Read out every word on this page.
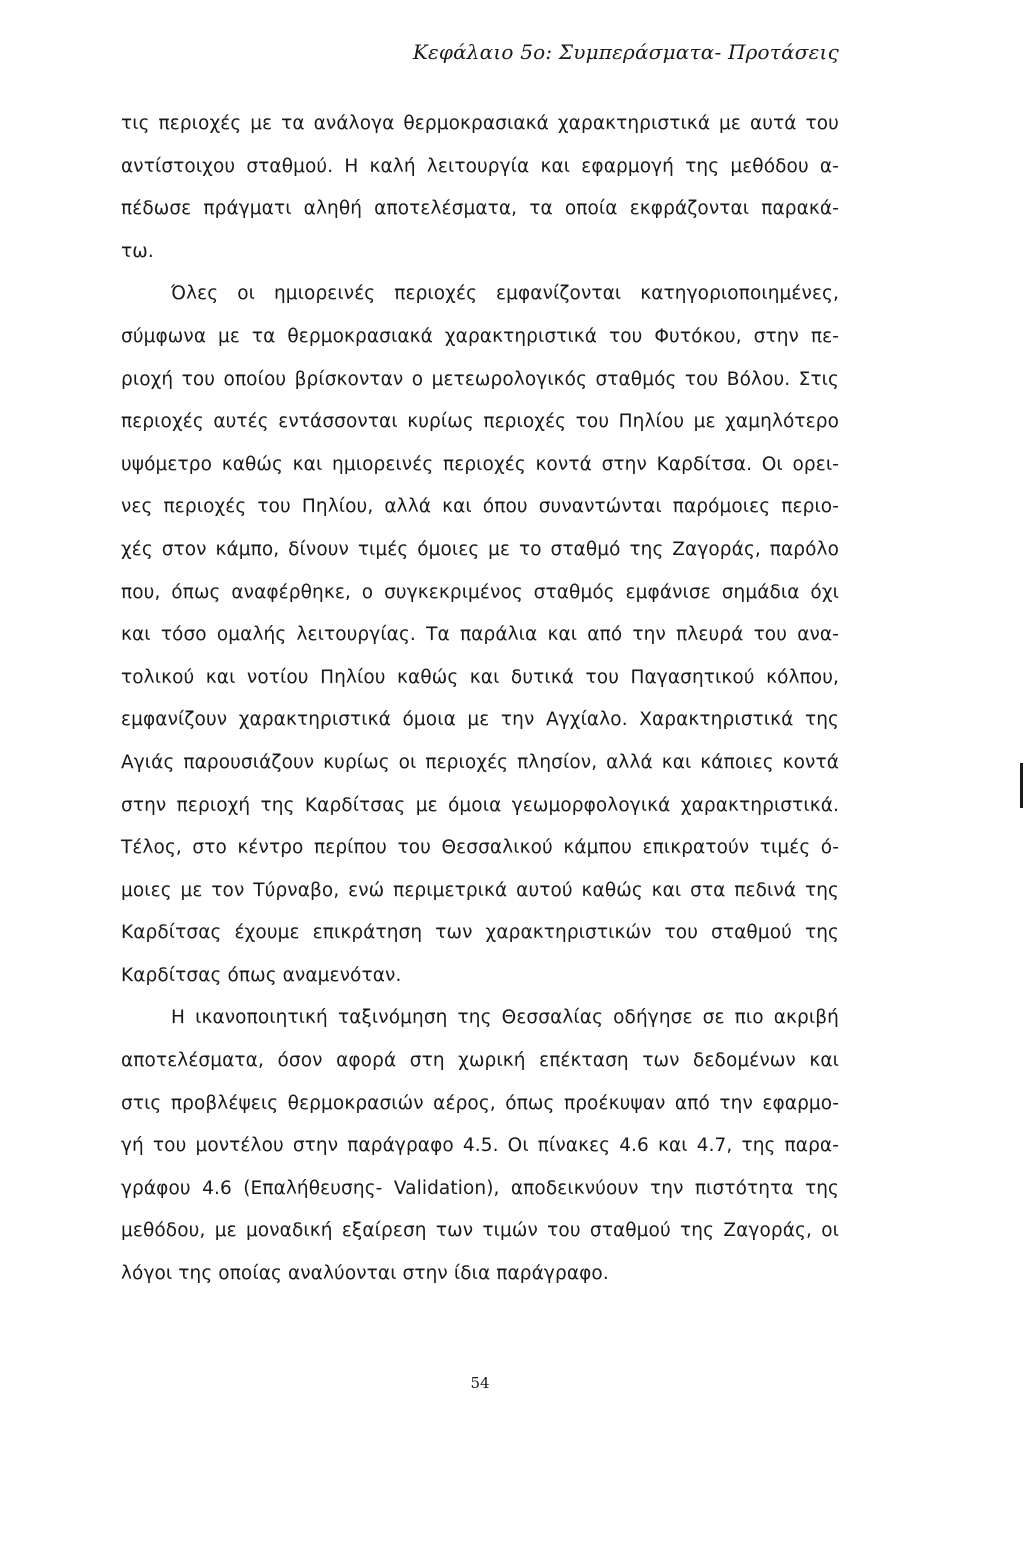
Κεφάλαιο 5ο: Συμπεράσματα- Προτάσεις
τις περιοχές με τα ανάλογα θερμοκρασιακά χαρακτηριστικά με αυτά του
αντίστοιχου σταθμού. Η καλή λειτουργία και εφαρμογή της μεθόδου α-
πέδωσε πράγματι αληθή αποτελέσματα, τα οποία εκφράζονται παρακά-
τω.
Όλες οι ημιορεινές περιοχές εμφανίζονται κατηγοριοποιημένες,
σύμφωνα με τα θερμοκρασιακά χαρακτηριστικά του Φυτόκου, στην πε-
ριοχή του οποίου βρίσκονταν ο μετεωρολογικός σταθμός του Βόλου. Στις
περιοχές αυτές εντάσσονται κυρίως περιοχές του Πηλίου με χαμηλότερο
υψόμετρο καθώς και ημιορεινές περιοχές κοντά στην Καρδίτσα. Οι ορει-
νες περιοχές του Πηλίου, αλλά και όπου συναντώνται παρόμοιες περιο-
χές στον κάμπο, δίνουν τιμές όμοιες με το σταθμό της Ζαγοράς, παρόλο
που, όπως αναφέρθηκε, ο συγκεκριμένος σταθμός εμφάνισε σημάδια όχι
και τόσο ομαλής λειτουργίας. Τα παράλια και από την πλευρά του ανα-
τολικού και νοτίου Πηλίου καθώς και δυτικά του Παγασητικού κόλπου,
εμφανίζουν χαρακτηριστικά όμοια με την Αγχίαλο. Χαρακτηριστικά της
Αγιάς παρουσιάζουν κυρίως οι περιοχές πλησίον, αλλά και κάποιες κοντά
στην περιοχή της Καρδίτσας με όμοια γεωμορφολογικά χαρακτηριστικά.
Τέλος, στο κέντρο περίπου του Θεσσαλικού κάμπου επικρατούν τιμές ό-
μοιες με τον Τύρναβο, ενώ περιμετρικά αυτού καθώς και στα πεδινά της
Καρδίτσας έχουμε επικράτηση των χαρακτηριστικών του σταθμού της
Καρδίτσας όπως αναμενόταν.
Η ικανοποιητική ταξινόμηση της Θεσσαλίας οδήγησε σε πιο ακριβή
αποτελέσματα, όσον αφορά στη χωρική επέκταση των δεδομένων και
στις προβλέψεις θερμοκρασιών αέρος, όπως προέκυψαν από την εφαρμο-
γή του μοντέλου στην παράγραφο 4.5. Οι πίνακες 4.6 και 4.7, της παρα-
γράφου 4.6 (Επαλήθευσης- Validation), αποδεικνύουν την πιστότητα της
μεθόδου, με μοναδική εξαίρεση των τιμών του σταθμού της Ζαγοράς, οι
λόγοι της οποίας αναλύονται στην ίδια παράγραφο.
54
